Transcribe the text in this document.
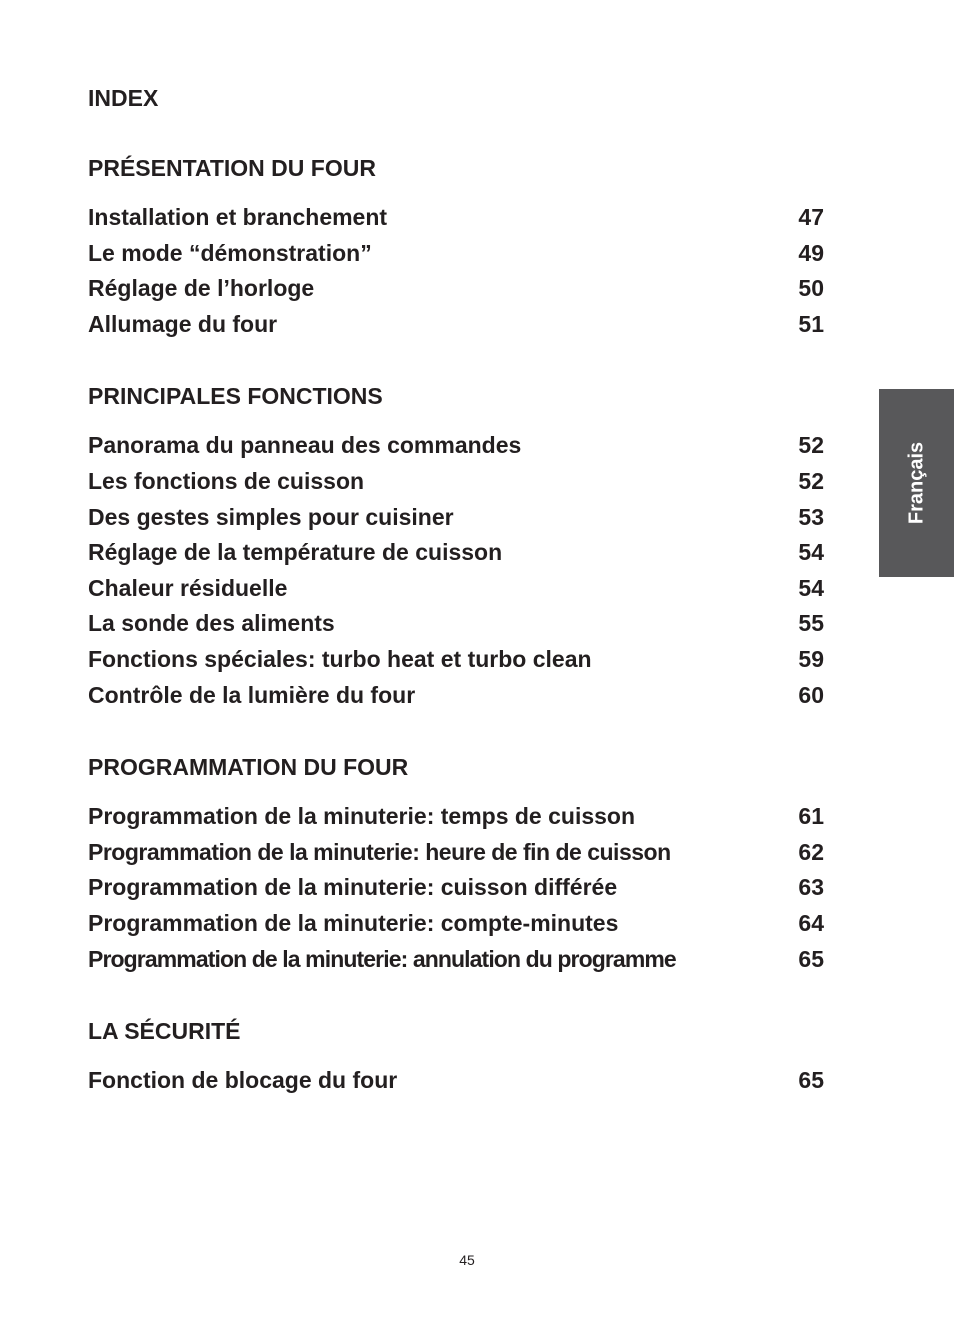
INDEX
PRÉSENTATION DU FOUR
Installation et branchement	47
Le mode “démonstration”	49
Réglage de l’horloge	50
Allumage du four	51
PRINCIPALES FONCTIONS
Panorama du panneau des commandes	52
Les fonctions de cuisson	52
Des gestes simples pour cuisiner	53
Réglage de la température de cuisson	54
Chaleur résiduelle	54
La sonde des aliments	55
Fonctions spéciales: turbo heat et turbo clean	59
Contrôle de la lumière du four	60
PROGRAMMATION DU FOUR
Programmation de la minuterie: temps de cuisson	61
Programmation de la minuterie: heure de fin de cuisson	62
Programmation de la minuterie: cuisson différée	63
Programmation de la minuterie: compte-minutes	64
Programmation de la minuterie: annulation du programme	65
LA SÉCURITÉ
Fonction de blocage du four	65
Français
45
